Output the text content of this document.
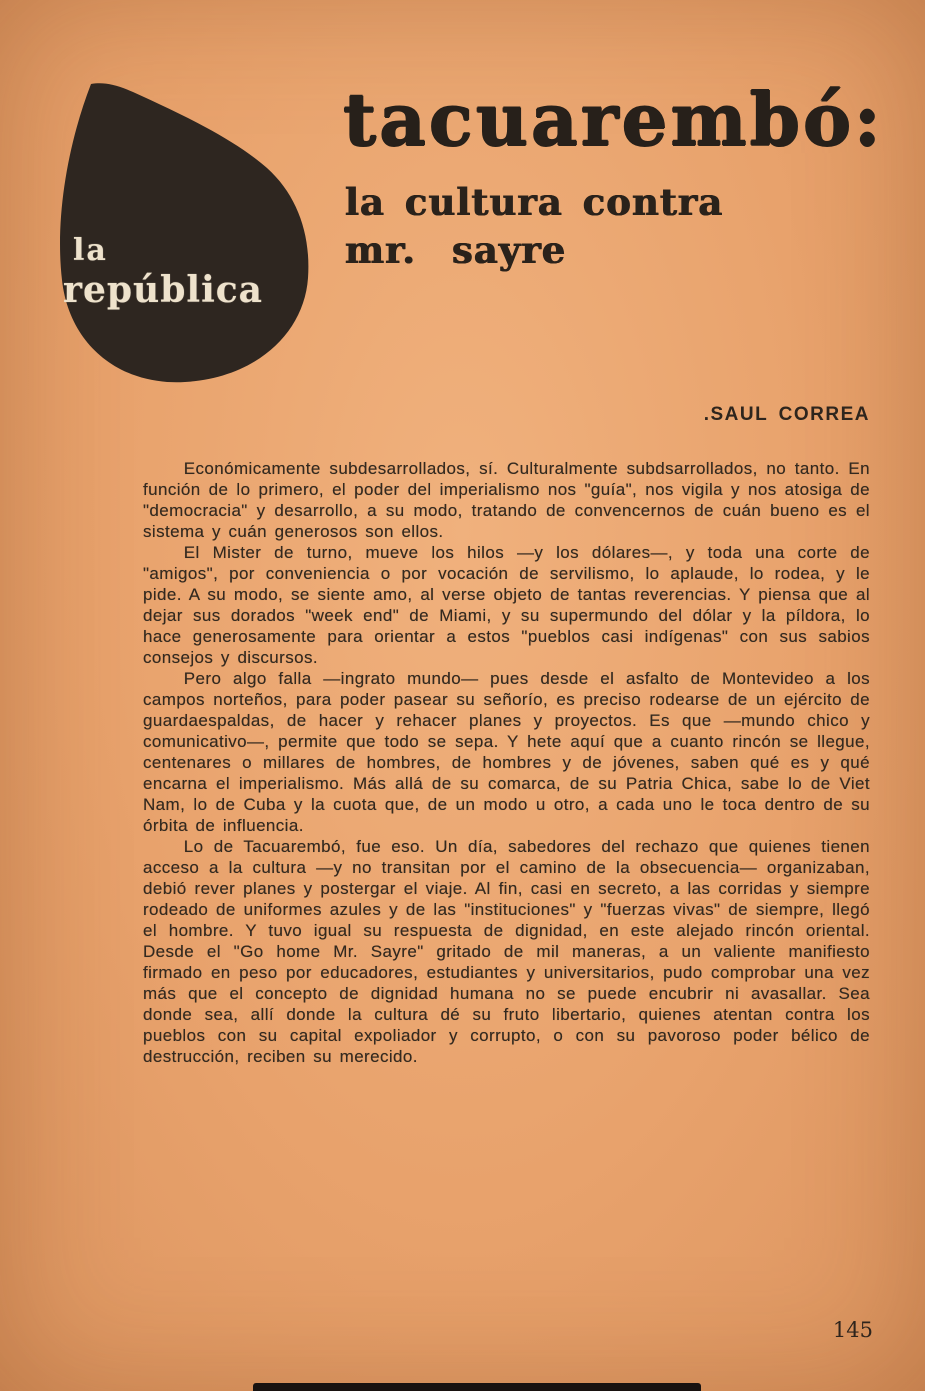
la
república
tacuarembó:
la cultura contra
mr. sayre
.SAUL CORREA

Económicamente subdesarrollados, sí. Culturalmente subdsarrollados, no tanto. En función de lo primero, el poder del imperialismo nos "guía", nos vigila y nos atosiga de "democracia" y desarrollo, a su modo, tratando de convencernos de cuán bueno es el sistema y cuán generosos son ellos.

El Mister de turno, mueve los hilos —y los dólares—, y toda una corte de "amigos", por conveniencia o por vocación de servilismo, lo aplaude, lo rodea, y le pide. A su modo, se siente amo, al verse objeto de tantas reverencias. Y piensa que al dejar sus dorados "week end" de Miami, y su supermundo del dólar y la píldora, lo hace generosamente para orientar a estos "pueblos casi indígenas" con sus sabios consejos y discursos.

Pero algo falla —ingrato mundo— pues desde el asfalto de Montevideo a los campos norteños, para poder pasear su señorío, es preciso rodearse de un ejército de guardaespaldas, de hacer y rehacer planes y proyectos. Es que —mundo chico y comunicativo—, permite que todo se sepa. Y hete aquí que a cuanto rincón se llegue, centenares o millares de hombres, de hombres y de jóvenes, saben qué es y qué encarna el imperialismo. Más allá de su comarca, de su Patria Chica, sabe lo de Viet Nam, lo de Cuba y la cuota que, de un modo u otro, a cada uno le toca dentro de su órbita de influencia.

Lo de Tacuarembó, fue eso. Un día, sabedores del rechazo que quienes tienen acceso a la cultura —y no transitan por el camino de la obsecuencia— organizaban, debió rever planes y postergar el viaje. Al fin, casi en secreto, a las corridas y siempre rodeado de uniformes azules y de las "instituciones" y "fuerzas vivas" de siempre, llegó el hombre. Y tuvo igual su respuesta de dignidad, en este alejado rincón oriental. Desde el "Go home Mr. Sayre" gritado de mil maneras, a un valiente manifiesto firmado en peso por educadores, estudiantes y universitarios, pudo comprobar una vez más que el concepto de dignidad humana no se puede encubrir ni avasallar. Sea donde sea, allí donde la cultura dé su fruto libertario, quienes atentan contra los pueblos con su capital expoliador y corrupto, o con su pavoroso poder bélico de destrucción, reciben su merecido.

145
